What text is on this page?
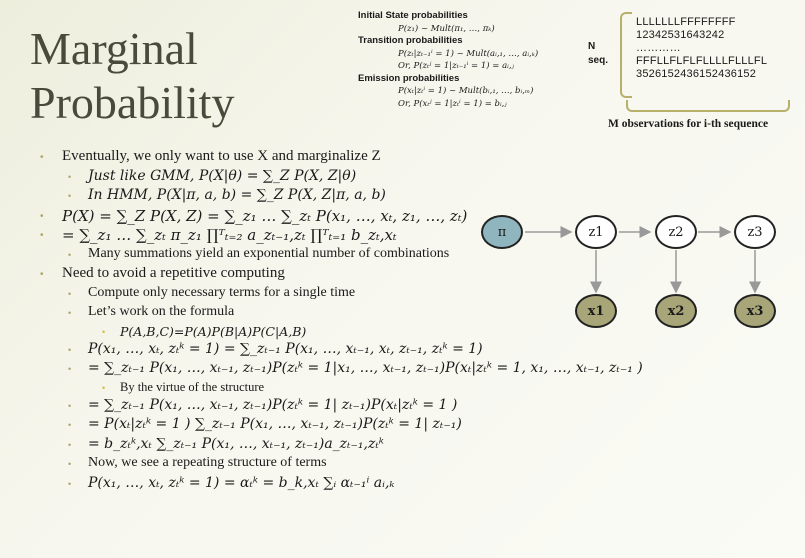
Marginal
Probability
Initial State probabilities
P(z₁) ~ Mult(π₁, …, πₖ)
Transition probabilities
P(zₜ|zₜ₋₁ⁱ = 1) ~ Mult(aᵢ,₁, …, aᵢ,ₖ)
Or, P(zₜʲ = 1|zₜ₋₁ⁱ = 1) = aᵢ,ⱼ
Emission probabilities
P(xₜ|zₜⁱ = 1) ~ Mult(bᵢ,₁, …, bᵢ,ₘ)
Or, P(xₜʲ = 1|zₜⁱ = 1) = bᵢ,ⱼ
N
seq.
LLLLLLLFFFFFFFF
12342531643242
…………
FFFLLFLFLFLLLLFLLLFL
3526152436152436152
M observations for i-th sequence
• Eventually, we only want to use X and marginalize Z
• Just like GMM, P(X|θ) = ∑_Z P(X, Z|θ)
• In HMM, P(X|π, a, b) = ∑_Z P(X, Z|π, a, b)
• P(X) = ∑_Z P(X, Z) = ∑_z₁ … ∑_zₜ P(x₁, …, xₜ, z₁, …, zₜ)
• = ∑_z₁ … ∑_zₜ π_z₁ ∏ᵀₜ₌₂ a_zₜ₋₁,zₜ ∏ᵀₜ₌₁ b_zₜ,xₜ
• Many summations yield an exponential number of combinations
• Need to avoid a repetitive computing
• Compute only necessary terms for a single time
• Let’s work on the formula
• P(A,B,C)=P(A)P(B|A)P(C|A,B)
• P(x₁, …, xₜ, zₜᵏ = 1) = ∑_zₜ₋₁ P(x₁, …, xₜ₋₁, xₜ, zₜ₋₁, zₜᵏ = 1)
• = ∑_zₜ₋₁ P(x₁, …, xₜ₋₁, zₜ₋₁)P(zₜᵏ = 1|x₁, …, xₜ₋₁, zₜ₋₁)P(xₜ|zₜᵏ = 1, x₁, …, xₜ₋₁, zₜ₋₁ )
• By the virtue of the structure
• = ∑_zₜ₋₁ P(x₁, …, xₜ₋₁, zₜ₋₁)P(zₜᵏ = 1| zₜ₋₁)P(xₜ|zₜᵏ = 1 )
• = P(xₜ|zₜᵏ = 1 ) ∑_zₜ₋₁ P(x₁, …, xₜ₋₁, zₜ₋₁)P(zₜᵏ = 1| zₜ₋₁)
• = b_zₜᵏ,xₜ ∑_zₜ₋₁ P(x₁, …, xₜ₋₁, zₜ₋₁)a_zₜ₋₁,zₜᵏ
• Now, we see a repeating structure of terms
• P(x₁, …, xₜ, zₜᵏ = 1) = αₜᵏ = b_k,xₜ ∑ᵢ αₜ₋₁ⁱ aᵢ,ₖ
π	z1	z2	z3
x1	x2	x3
